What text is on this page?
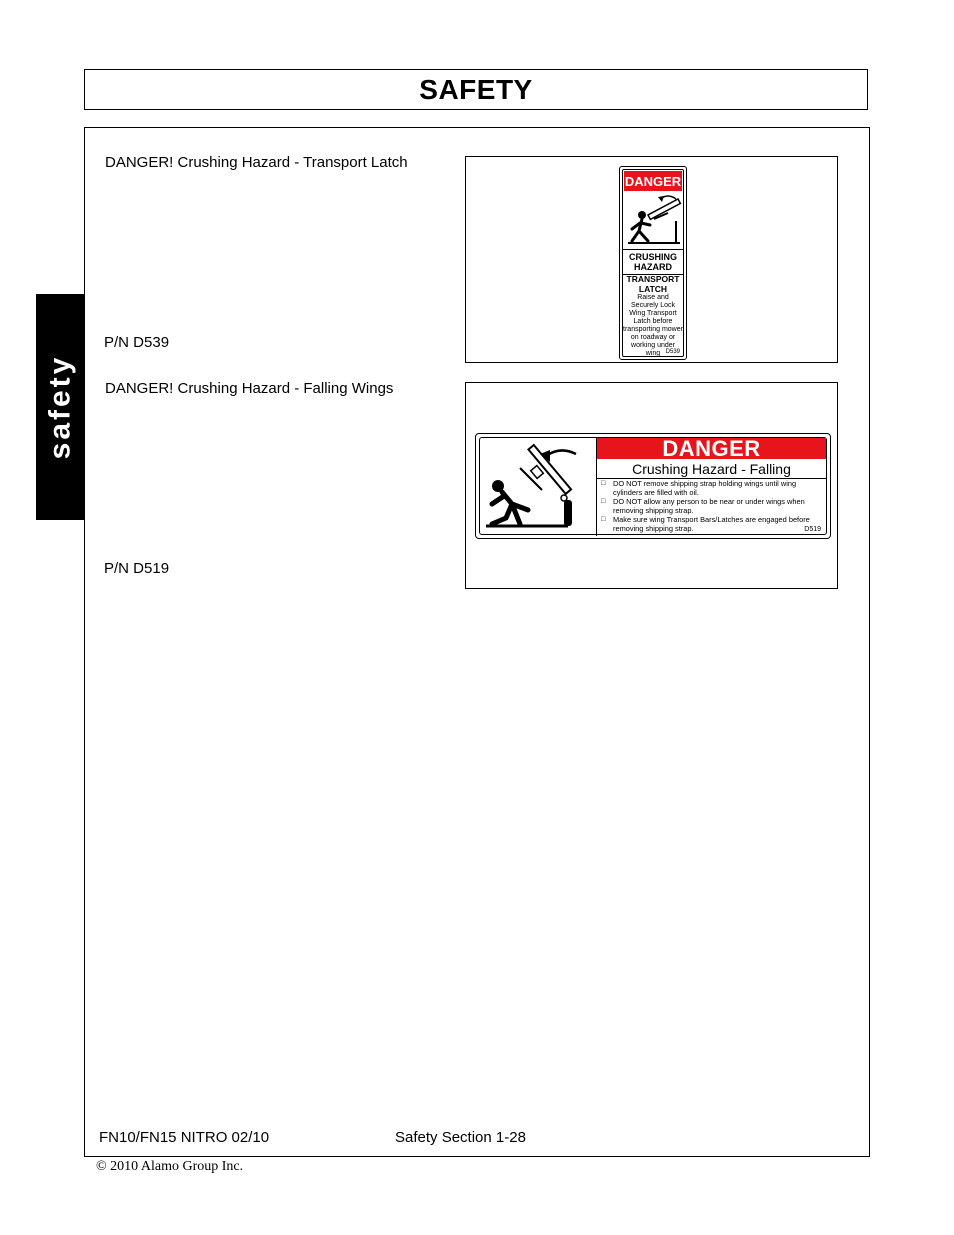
SAFETY
safety
DANGER! Crushing Hazard - Transport Latch
P/N D539
DANGER
CRUSHING
HAZARD
TRANSPORT
LATCH
Raise and
Securely Lock
Wing Transport
Latch before
transporting mower
on roadway or
working under
wing D539
DANGER! Crushing Hazard - Falling Wings
P/N D519
DANGER
Crushing Hazard - Falling
□	DO NOT remove shipping strap holding wings until wing cylinders are filled with oil.
□	DO NOT allow any person to be near or under wings when removing shipping strap.
□	Make sure wing Transport Bars/Latches are engaged before removing shipping strap.	D519
FN10/FN15 NITRO 02/10	Safety Section 1-28
© 2010 Alamo Group Inc.
